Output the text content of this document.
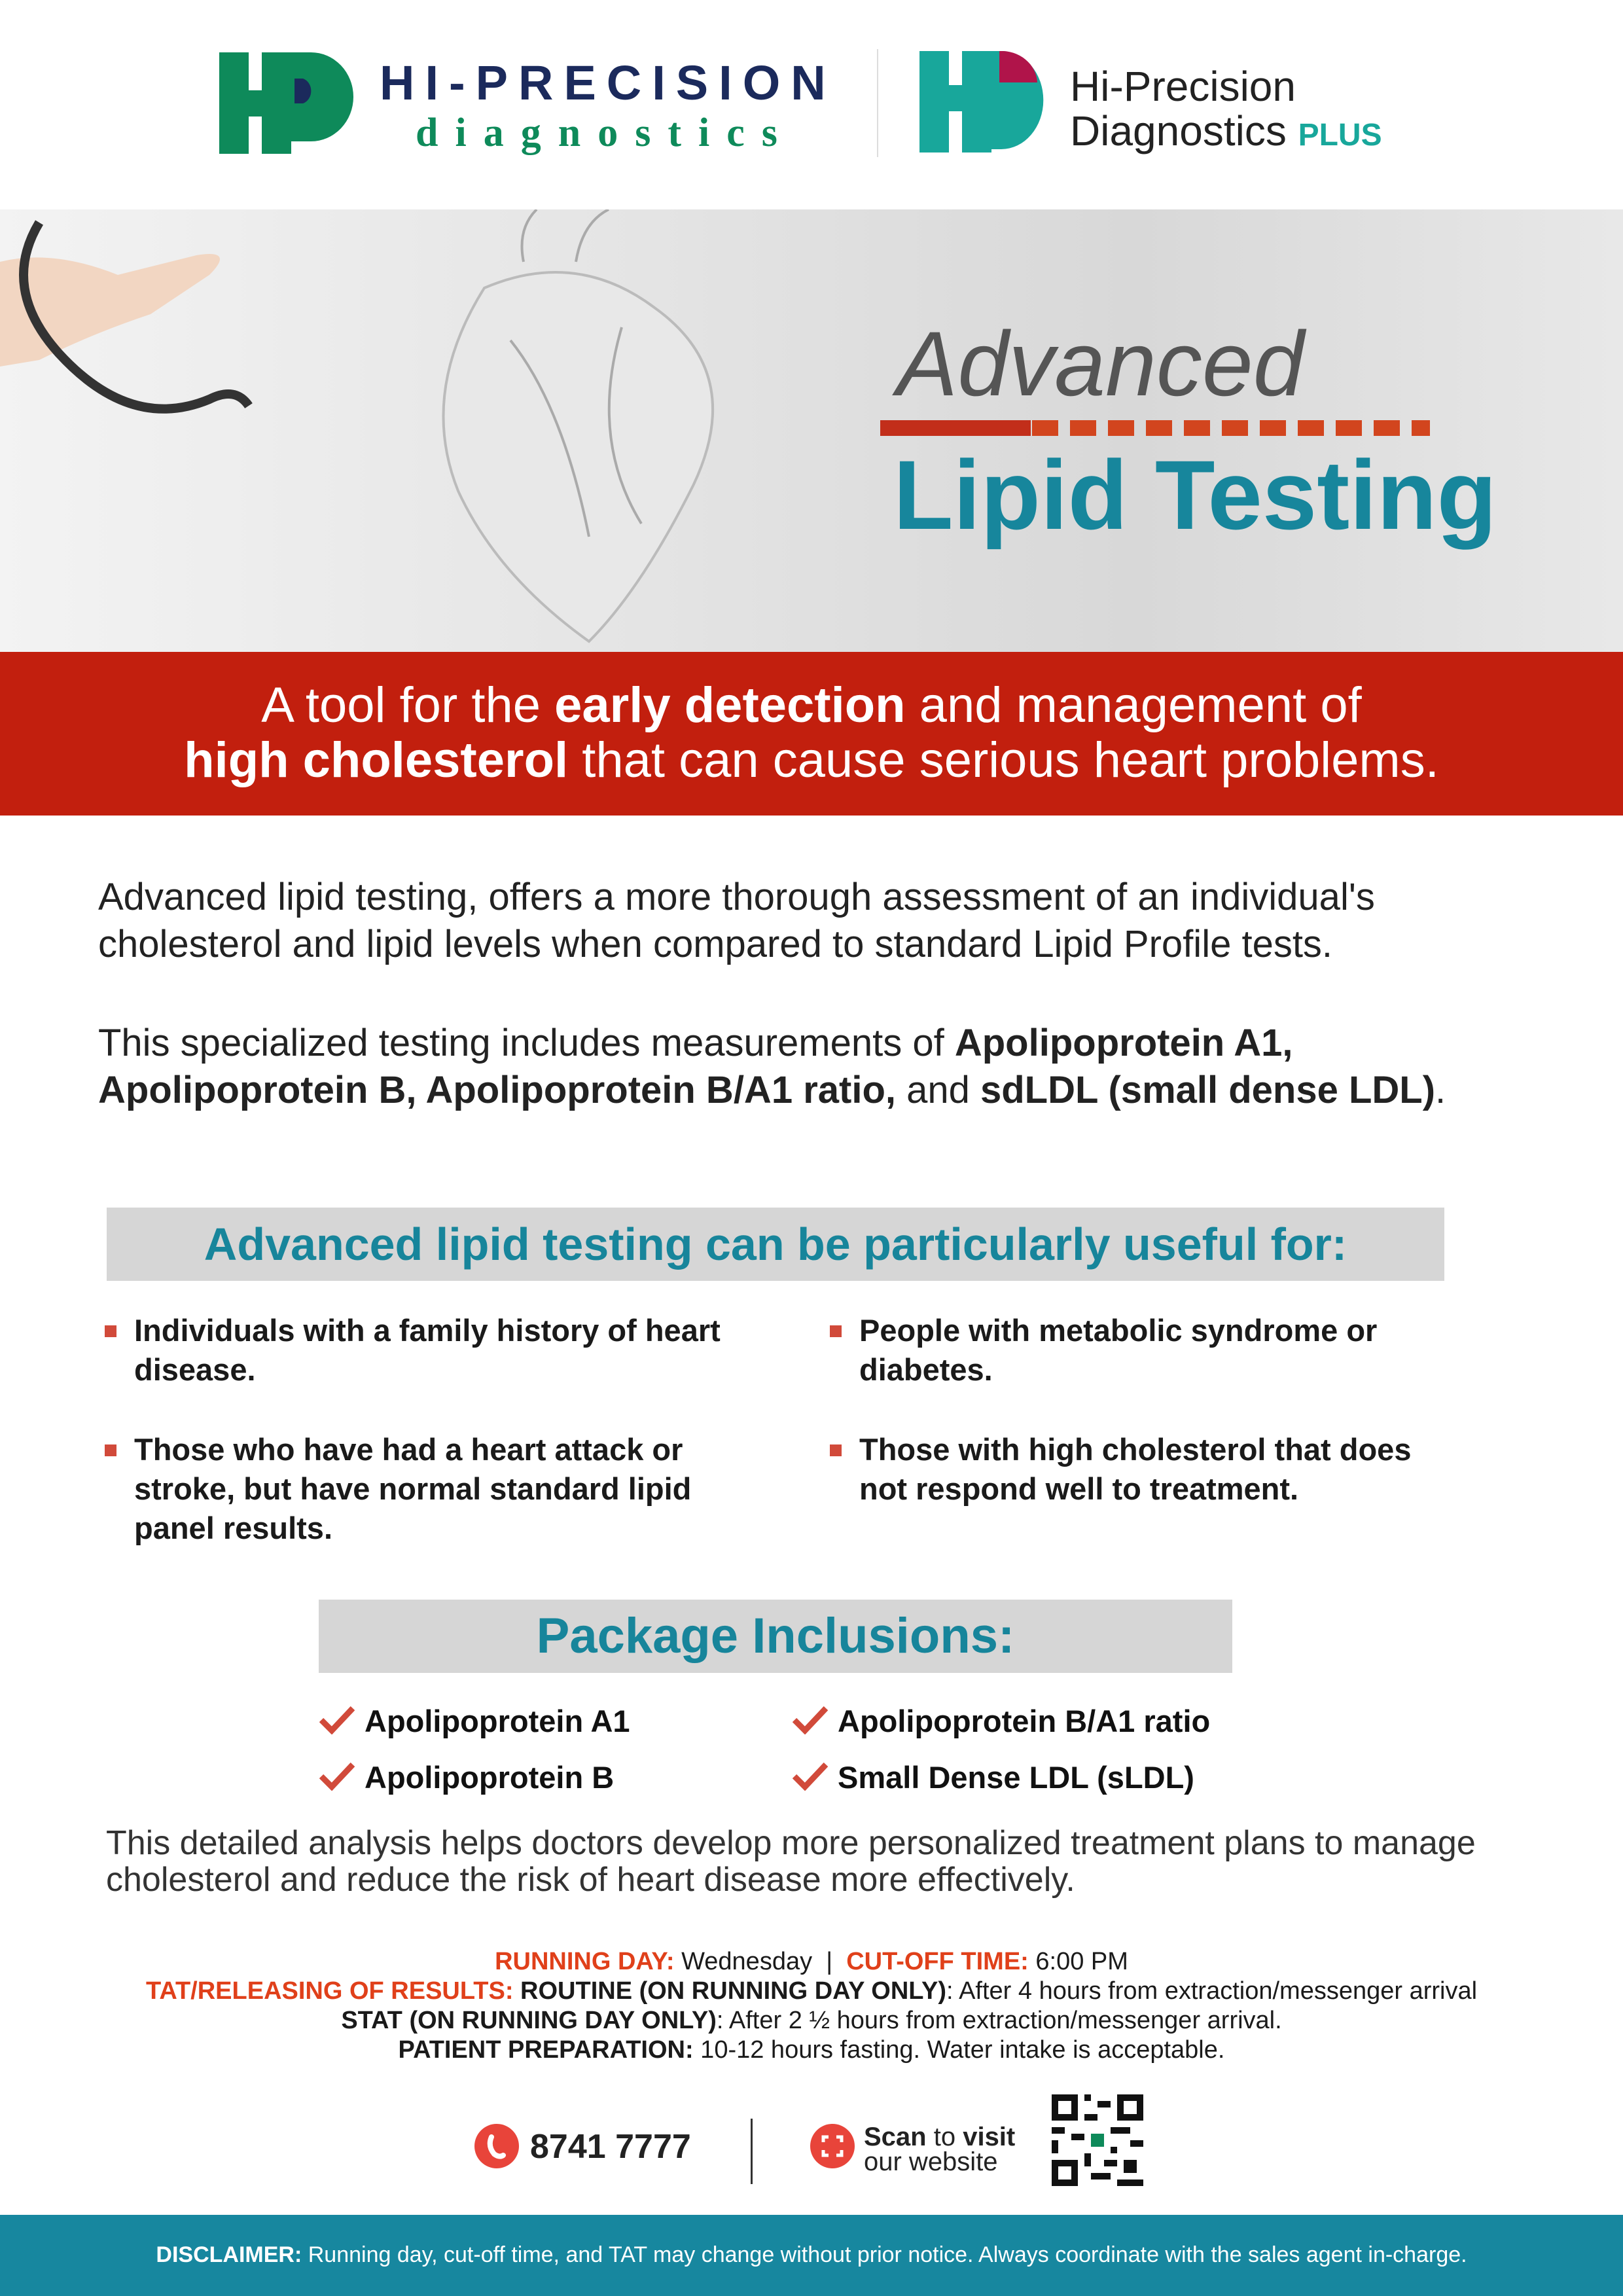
HI-PRECISION
diagnostics
Hi-Precision
Diagnostics PLUS
Advanced
Lipid Testing
A tool for the early detection and management of
high cholesterol that can cause serious heart problems.
Advanced lipid testing, offers a more thorough assessment of an individual's cholesterol and lipid levels when compared to standard Lipid Profile tests.
This specialized testing includes measurements of Apolipoprotein A1, Apolipoprotein B, Apolipoprotein B/A1 ratio, and sdLDL (small dense LDL).
Advanced lipid testing can be particularly useful for:
Individuals with a family history of heart disease.
Those who have had a heart attack or stroke, but have normal standard lipid panel results.
People with metabolic syndrome or diabetes.
Those with high cholesterol that does not respond well to treatment.
Package Inclusions:
Apolipoprotein A1
Apolipoprotein B
Apolipoprotein B/A1 ratio
Small Dense LDL (sLDL)
This detailed analysis helps doctors develop more personalized treatment plans to manage cholesterol and reduce the risk of heart disease more effectively.
RUNNING DAY: Wednesday  |  CUT-OFF TIME: 6:00 PM
TAT/RELEASING OF RESULTS: ROUTINE (ON RUNNING DAY ONLY): After 4 hours from extraction/messenger arrival
STAT (ON RUNNING DAY ONLY): After 2 ½ hours from extraction/messenger arrival.
PATIENT PREPARATION: 10-12 hours fasting. Water intake is acceptable.
8741 7777	Scan to visit
our website
DISCLAIMER: Running day, cut-off time, and TAT may change without prior notice. Always coordinate with the sales agent in-charge.
